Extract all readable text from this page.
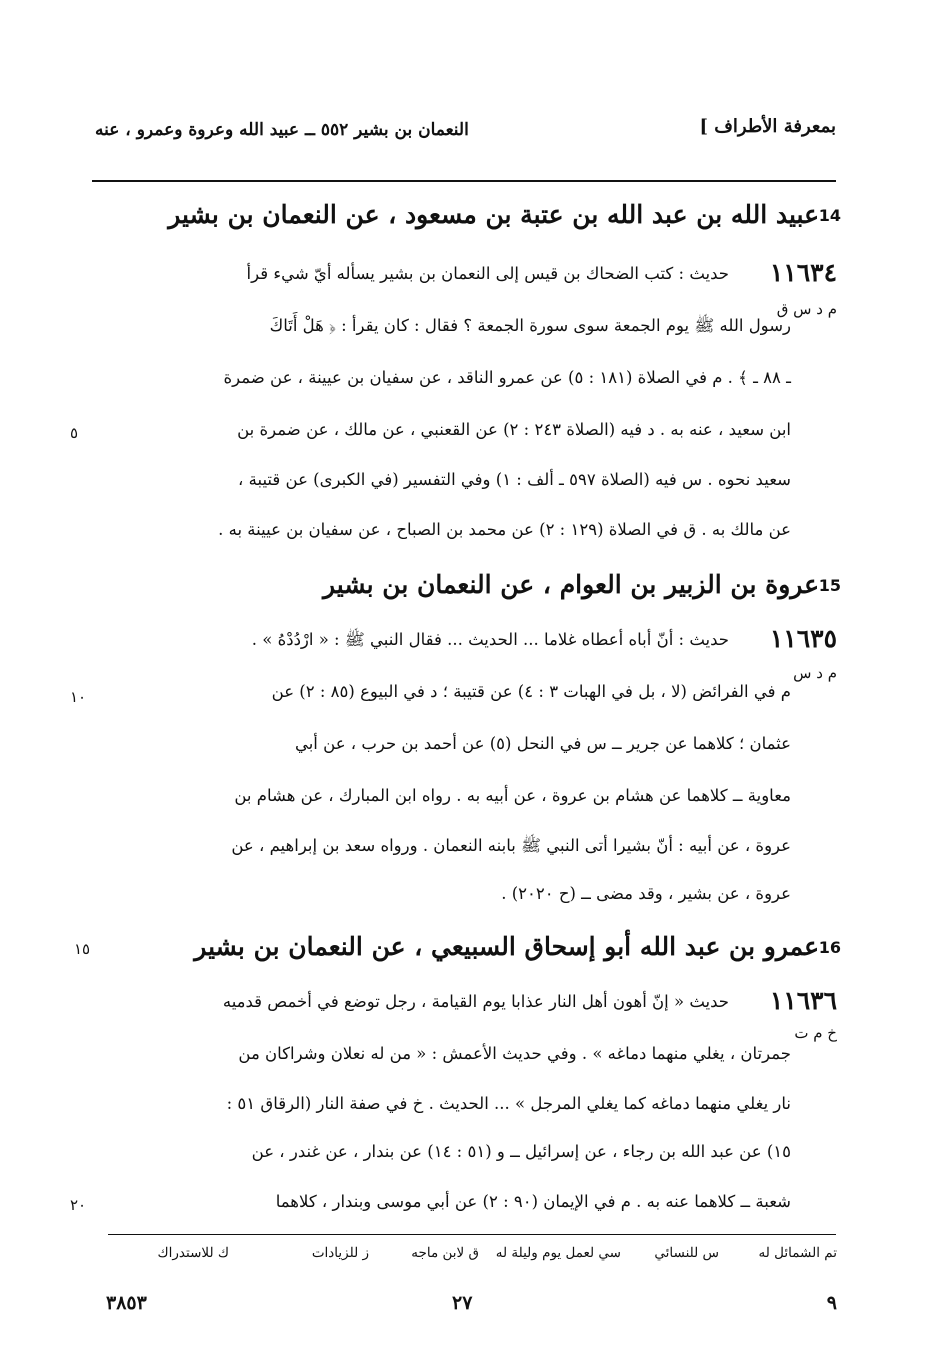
النعمان بن بشير ٥٥٢ ــ عبيد الله وعروة وعمرو ، عنه	بمعرفة الأطراف ]
14
عبيد الله بن عبد الله بن عتبة بن مسعود ، عن النعمان بن بشير
١١٦٣٤
حديث : كتب الضحاك بن قيس إلى النعمان بن بشير يسأله أيّ شيء قرأ
م د س ق
رسول الله ﷺ يوم الجمعة سوى سورة الجمعة ؟ فقال : كان يقرأ : ﴿ هَلْ أَتَاكَ
ـ ٨٨ ـ ﴾ . م في الصلاة (١٨١ : ٥) عن عمرو الناقد ، عن سفيان بن عيينة ، عن ضمرة
ابن سعيد ، عنه به . د فيه (الصلاة ٢٤٣ : ٢) عن القعنبي ، عن مالك ، عن ضمرة بن
سعيد نحوه . س فيه (الصلاة ٥٩٧ ـ ألف : ١) وفي التفسير (في الكبرى) عن قتيبة ،
عن مالك به . ق في الصلاة (١٢٩ : ٢) عن محمد بن الصباح ، عن سفيان بن عيينة به .
15
عروة بن الزبير بن العوام ، عن النعمان بن بشير
١١٦٣٥
حديث : أنّ أباه أعطاه غلاما ... الحديث ... فقال النبي ﷺ : « ارْدُدْهُ » .
م د س
م في الفرائض (لا ، بل في الهبات ٣ : ٤) عن قتيبة ؛ د في البيوع (٨٥ : ٢) عن
عثمان ؛ كلاهما عن جرير ــ س في النحل (٥) عن أحمد بن حرب ، عن أبي
معاوية ــ كلاهما عن هشام بن عروة ، عن أبيه به . رواه ابن المبارك ، عن هشام بن
عروة ، عن أبيه : أنّ بشيرا أتى النبي ﷺ بابنه النعمان . ورواه سعد بن إبراهيم ، عن
عروة ، عن بشير ، وقد مضى ــ (ح ٢٠٢٠) .
16
عمرو بن عبد الله أبو إسحاق السبيعي ، عن النعمان بن بشير
١١٦٣٦
حديث « إنّ أهون أهل النار عذابا يوم القيامة ، رجل توضع في أخمص قدميه
خ م ت
جمرتان ، يغلي منهما دماغه » . وفي حديث الأعمش : « من له نعلان وشراكان من
نار يغلي منهما دماغه كما يغلي المرجل » ... الحديث . خ في صفة النار (الرقاق ٥١ :
١٥) عن عبد الله بن رجاء ، عن إسرائيل ــ و (٥١ : ١٤) عن بندار ، عن غندر ، عن
شعبة ــ كلاهما عنه به . م في الإيمان (٩٠ : ٢) عن أبي موسى وبندار ، كلاهما
٥
١٠
١٥
٢٠
تم الشمائل له
س للنسائي
سي لعمل يوم وليلة له
ق لابن ماجه
ز للزيادات
ك للاستدراك
٣٨٥٣	٢٧	٩
